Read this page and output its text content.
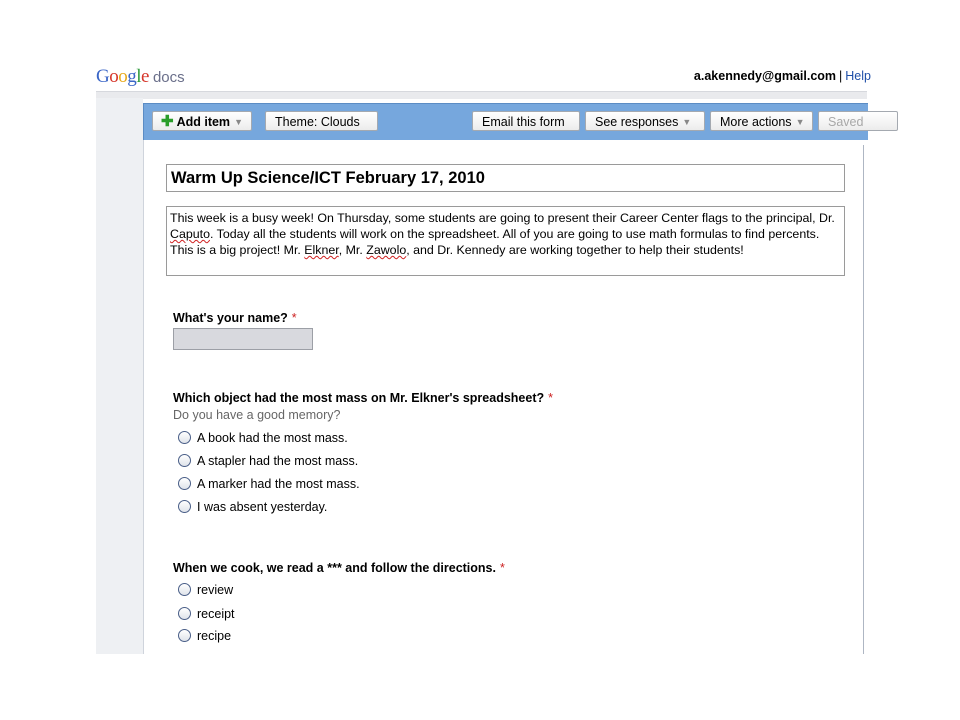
Google docs	a.akennedy@gmail.com | Help
✚ Add item ▼	Theme: Clouds	Email this form	See responses ▼	More actions ▼	Saved
Warm Up Science/ICT February 17, 2010
This week is a busy week! On Thursday, some students are going to present their Career Center flags to the principal, Dr. Caputo. Today all the students will work on the spreadsheet. All of you are going to use math formulas to find percents. This is a big project! Mr. Elkner, Mr. Zawolo, and Dr. Kennedy are working together to help their students!
What's your name? *
Which object had the most mass on Mr. Elkner's spreadsheet? *
Do you have a good memory?
A book had the most mass.
A stapler had the most mass.
A marker had the most mass.
I was absent yesterday.
When we cook, we read a *** and follow the directions. *
review
receipt
recipe
